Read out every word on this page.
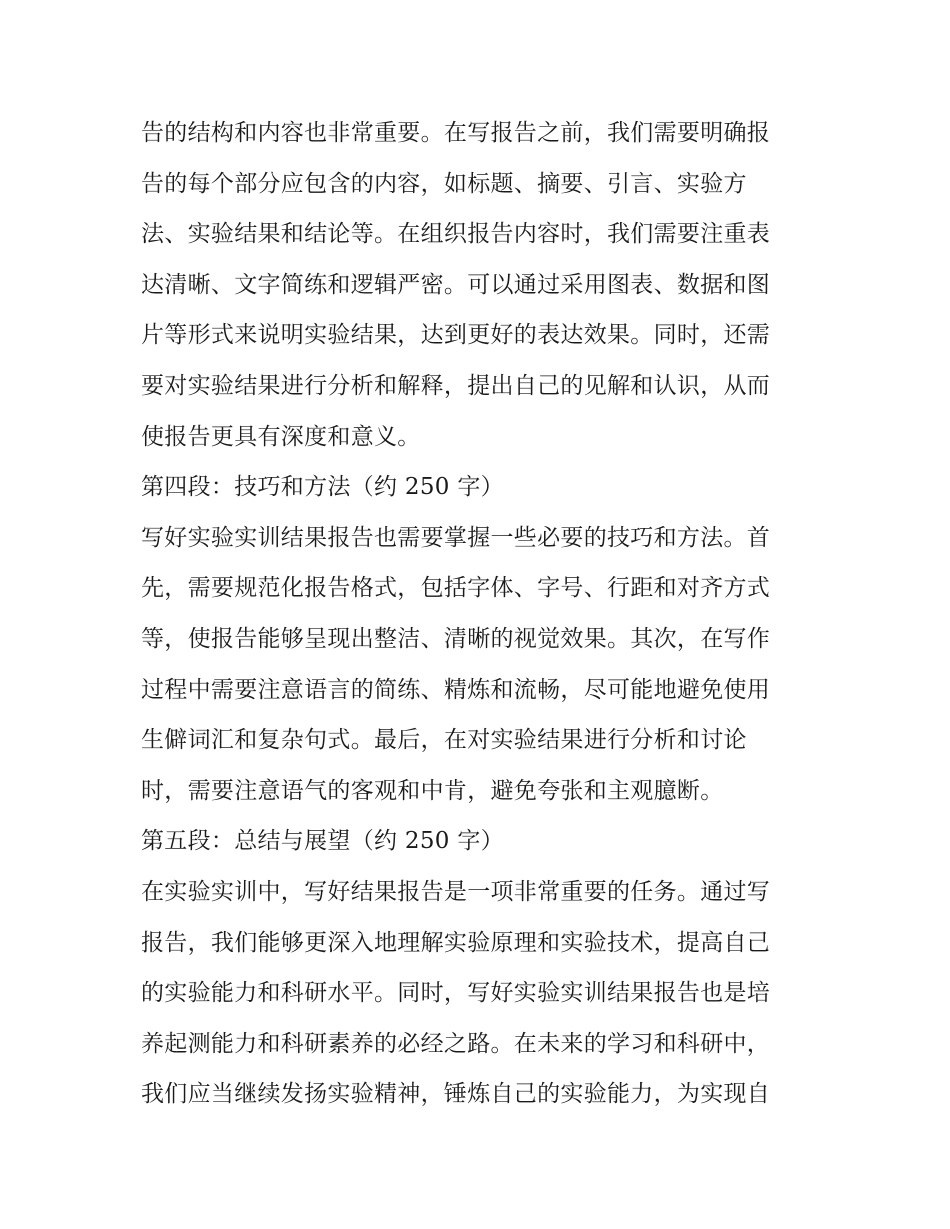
告的结构和内容也非常重要。在写报告之前，我们需要明确报
告的每个部分应包含的内容，如标题、摘要、引言、实验方
法、实验结果和结论等。在组织报告内容时，我们需要注重表
达清晰、文字简练和逻辑严密。可以通过采用图表、数据和图
片等形式来说明实验结果，达到更好的表达效果。同时，还需
要对实验结果进行分析和解释，提出自己的见解和认识，从而
使报告更具有深度和意义。
第四段：技巧和方法（约 250 字）
写好实验实训结果报告也需要掌握一些必要的技巧和方法。首
先，需要规范化报告格式，包括字体、字号、行距和对齐方式
等，使报告能够呈现出整洁、清晰的视觉效果。其次，在写作
过程中需要注意语言的简练、精炼和流畅，尽可能地避免使用
生僻词汇和复杂句式。最后，在对实验结果进行分析和讨论
时，需要注意语气的客观和中肯，避免夸张和主观臆断。
第五段：总结与展望（约 250 字）
在实验实训中，写好结果报告是一项非常重要的任务。通过写
报告，我们能够更深入地理解实验原理和实验技术，提高自己
的实验能力和科研水平。同时，写好实验实训结果报告也是培
养起测能力和科研素养的必经之路。在未来的学习和科研中，
我们应当继续发扬实验精神，锤炼自己的实验能力，为实现自
